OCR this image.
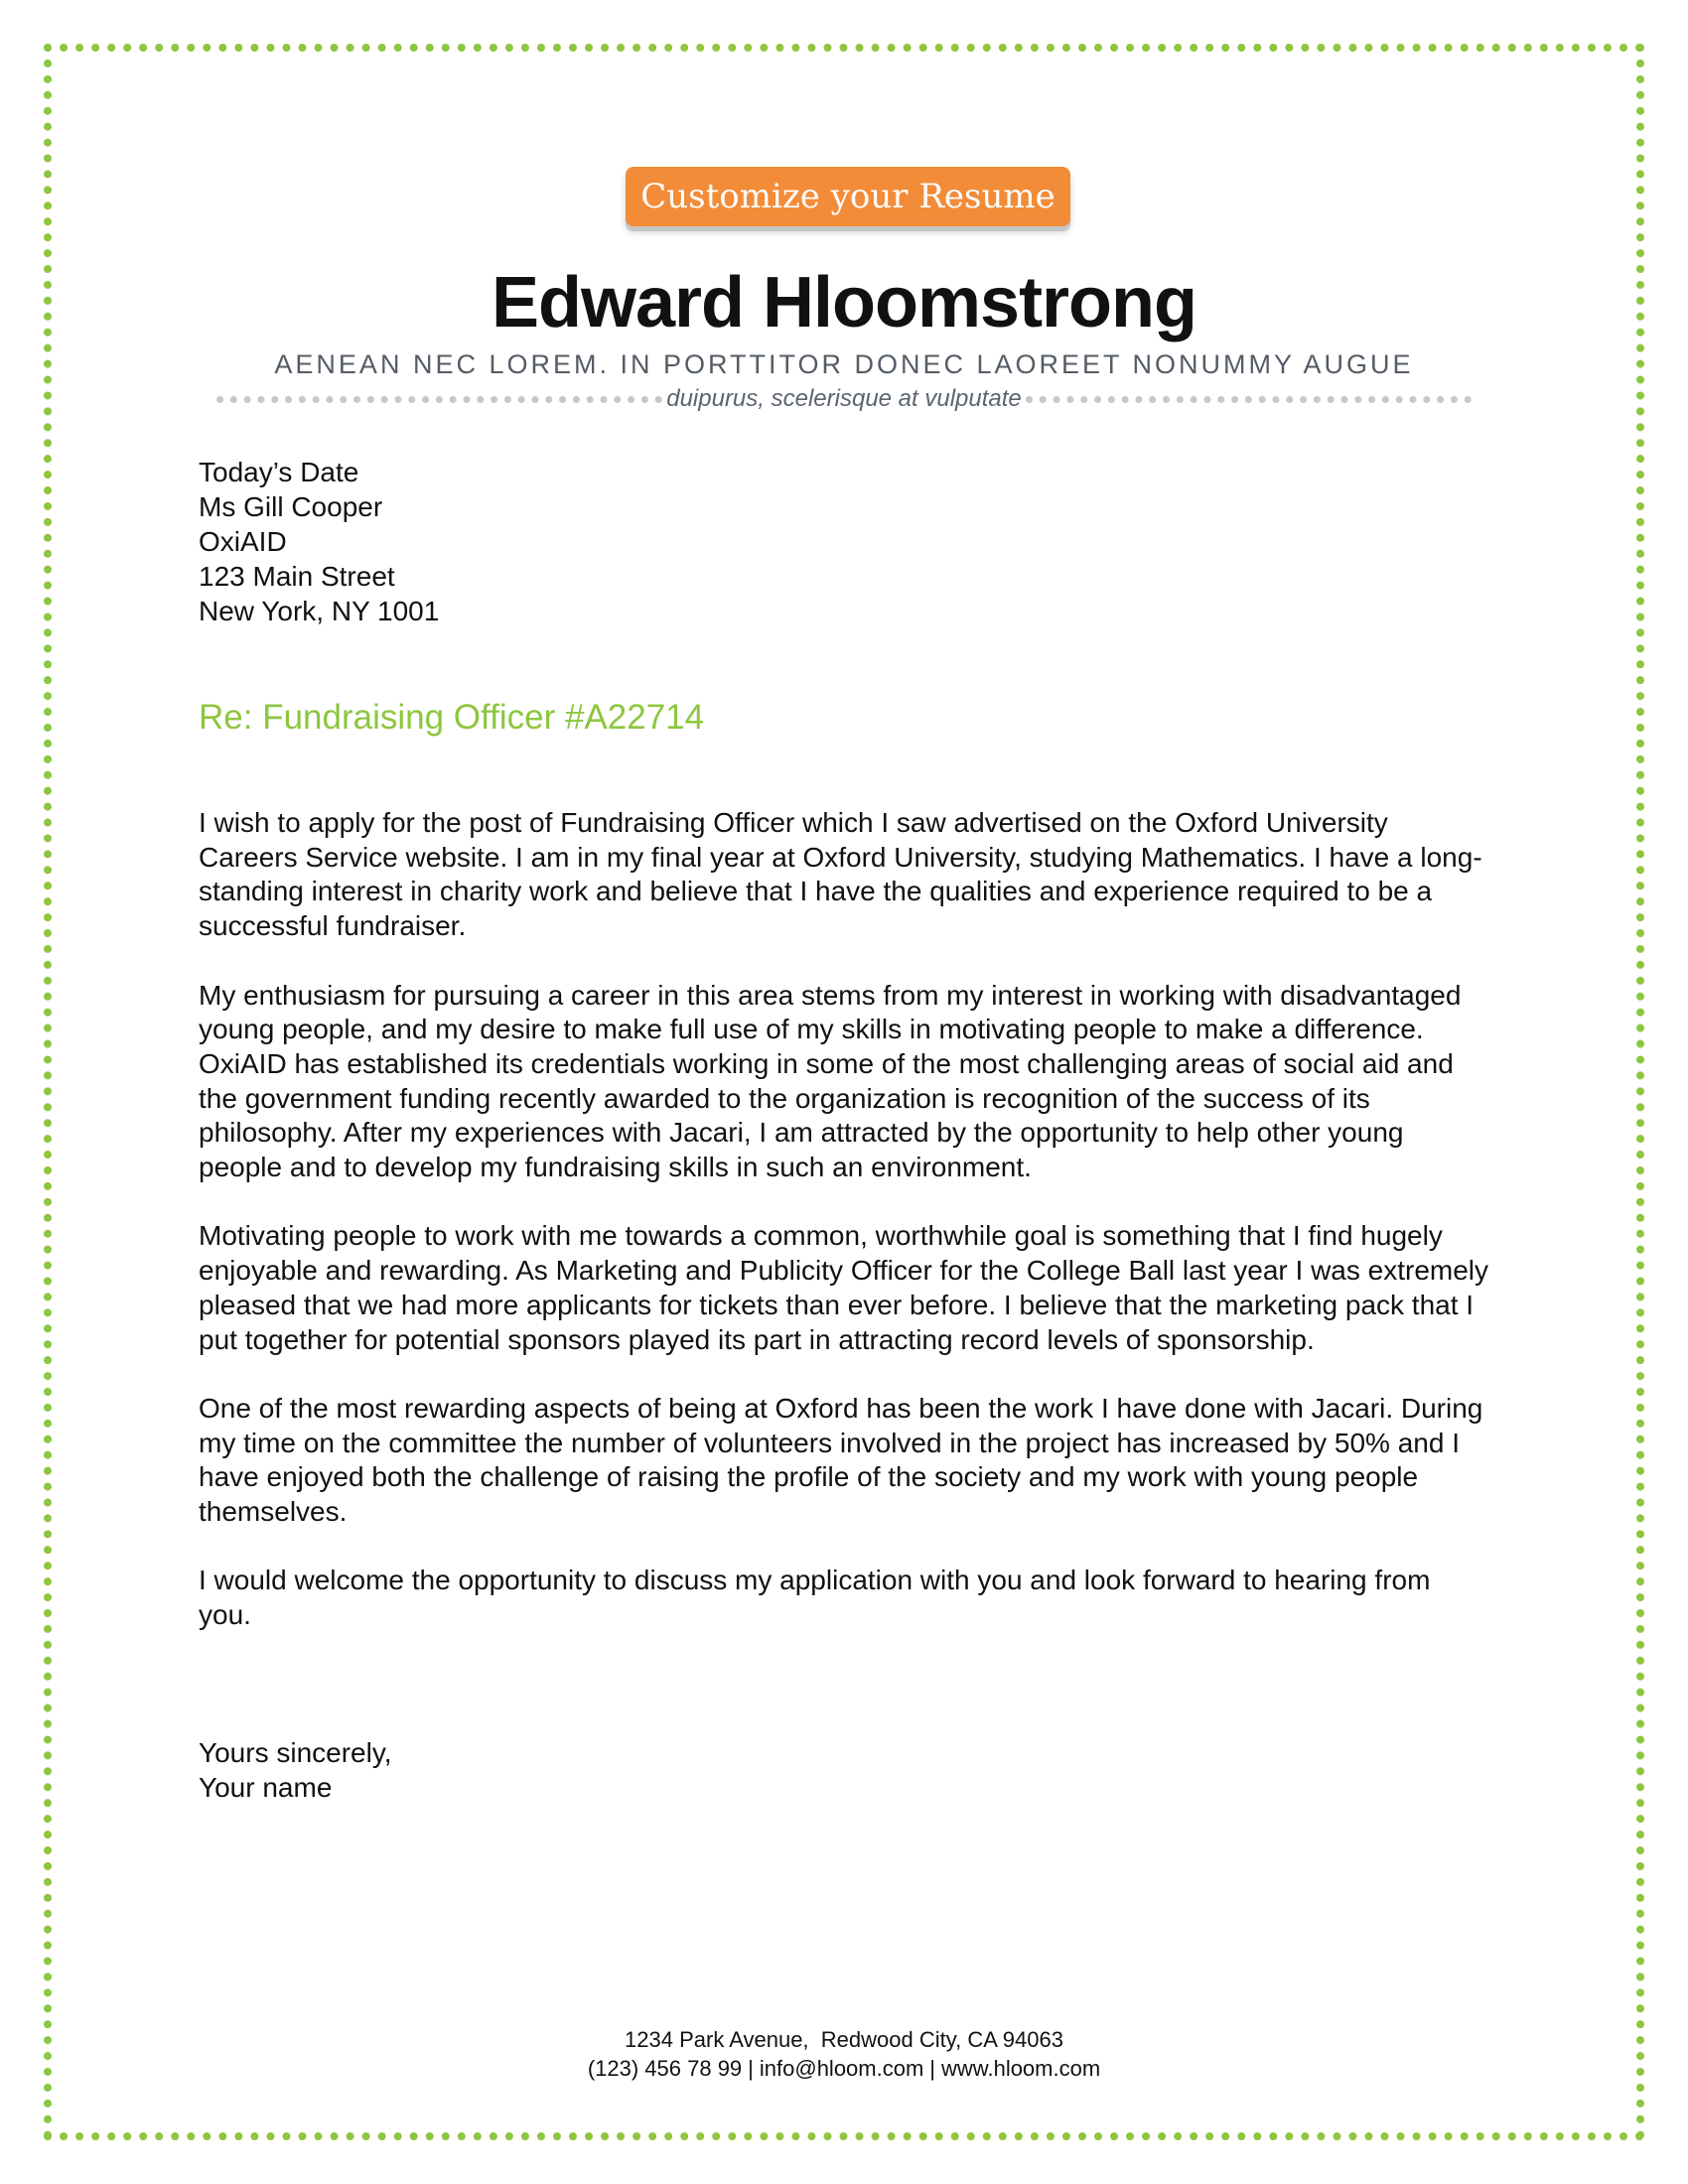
Customize your Resume
Edward Hloomstrong
AENEAN NEC LOREM. IN PORTTITOR DONEC LAOREET NONUMMY AUGUE
duipurus, scelerisque at vulputate
Today’s Date
Ms Gill Cooper
OxiAID
123 Main Street
New York, NY 1001
Re: Fundraising Officer #A22714

I wish to apply for the post of Fundraising Officer which I saw advertised on the Oxford University Careers Service website. I am in my final year at Oxford University, studying Mathematics. I have a long-standing interest in charity work and believe that I have the qualities and experience required to be a successful fundraiser.

My enthusiasm for pursuing a career in this area stems from my interest in working with disadvantaged young people, and my desire to make full use of my skills in motivating people to make a difference. OxiAID has established its credentials working in some of the most challenging areas of social aid and the government funding recently awarded to the organization is recognition of the success of its philosophy. After my experiences with Jacari, I am attracted by the opportunity to help other young people and to develop my fundraising skills in such an environment.

Motivating people to work with me towards a common, worthwhile goal is something that I find hugely enjoyable and rewarding. As Marketing and Publicity Officer for the College Ball last year I was extremely pleased that we had more applicants for tickets than ever before. I believe that the marketing pack that I put together for potential sponsors played its part in attracting record levels of sponsorship.

One of the most rewarding aspects of being at Oxford has been the work I have done with Jacari. During my time on the committee the number of volunteers involved in the project has increased by 50% and I have enjoyed both the challenge of raising the profile of the society and my work with young people themselves.

I would welcome the opportunity to discuss my application with you and look forward to hearing from you.

Yours sincerely,
Your name
1234 Park Avenue,  Redwood City, CA 94063
(123) 456 78 99 | info@hloom.com | www.hloom.com
